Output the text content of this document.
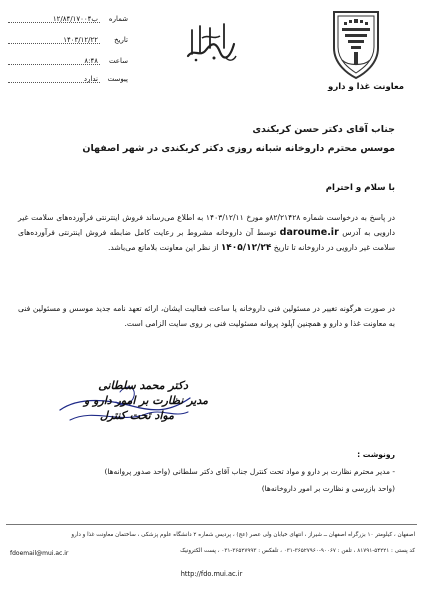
شماره
۱۲/۸۴/۱۷۰۰۴ب
تاریخ
۱۴۰۳/۱۲/۲۲
ساعت
۸:۴۸
پیوست
ندارد
معاونت غذا و دارو
جناب آقای دکتر حسن کربکندی
موسس محترم داروخانه شبانه روزی دکتر کربکندی در شهر اصفهان
با سلام و احترام
در پاسخ به درخواست شماره ۸۲/۲۱۴۲۸و مورخ ۱۴۰۳/۱۲/۱۱ به اطلاع می‌رساند فروش اینترنتی فرآورده‌های سلامت غیر دارویی به آدرس daroume.ir توسط آن داروخانه مشروط بر رعایت کامل ضابطه فروش اینترنتی فرآورده‌های سلامت غیر دارویی در داروخانه تا تاریخ ۱۴۰۵/۱۲/۲۴ از نظر این معاونت بلامانع می‌باشد.
در صورت هرگونه تغییر در مسئولین فنی داروخانه یا ساعت فعالیت ایشان، ارائه تعهد نامه جدید موسس و مسئولین فنی به معاونت غذا و دارو و همچنین آپلود پروانه مسئولیت فنی بر روی سایت الزامی است.
دکتر محمد سلطانی
مدیر نظارت بر امور دارو و
مواد تحت کنترل
رونوشت :
- مدیر محترم نظارت بر دارو و مواد تحت کنترل جناب آقای دکتر سلطانی (واحد صدور پروانه‌ها)
(واحد بازرسی و نظارت بر امور داروخانه‌ها)
اصفهان ، کیلومتر ۱۰ بزرگراه اصفهان ــ شیراز ، انتهای خیابان ولی عصر (عج) ، پردیس شماره ۲ دانشگاه علوم پزشکی ، ساختمان معاونت غذا و دارو
کد پستی : ۵۴۲۲۱-۸۱۷۹۱ ، تلفن : ۹۰۰۶۷-۳۶۵۲۷۹۶۰-۰۳۱ ، تلفکس : ۳۶۵۲۷۹۹۳-۰۳۱ ، پست الکترونیک
fdoemail@mui.ac.ir
http://fdo.mui.ac.ir
